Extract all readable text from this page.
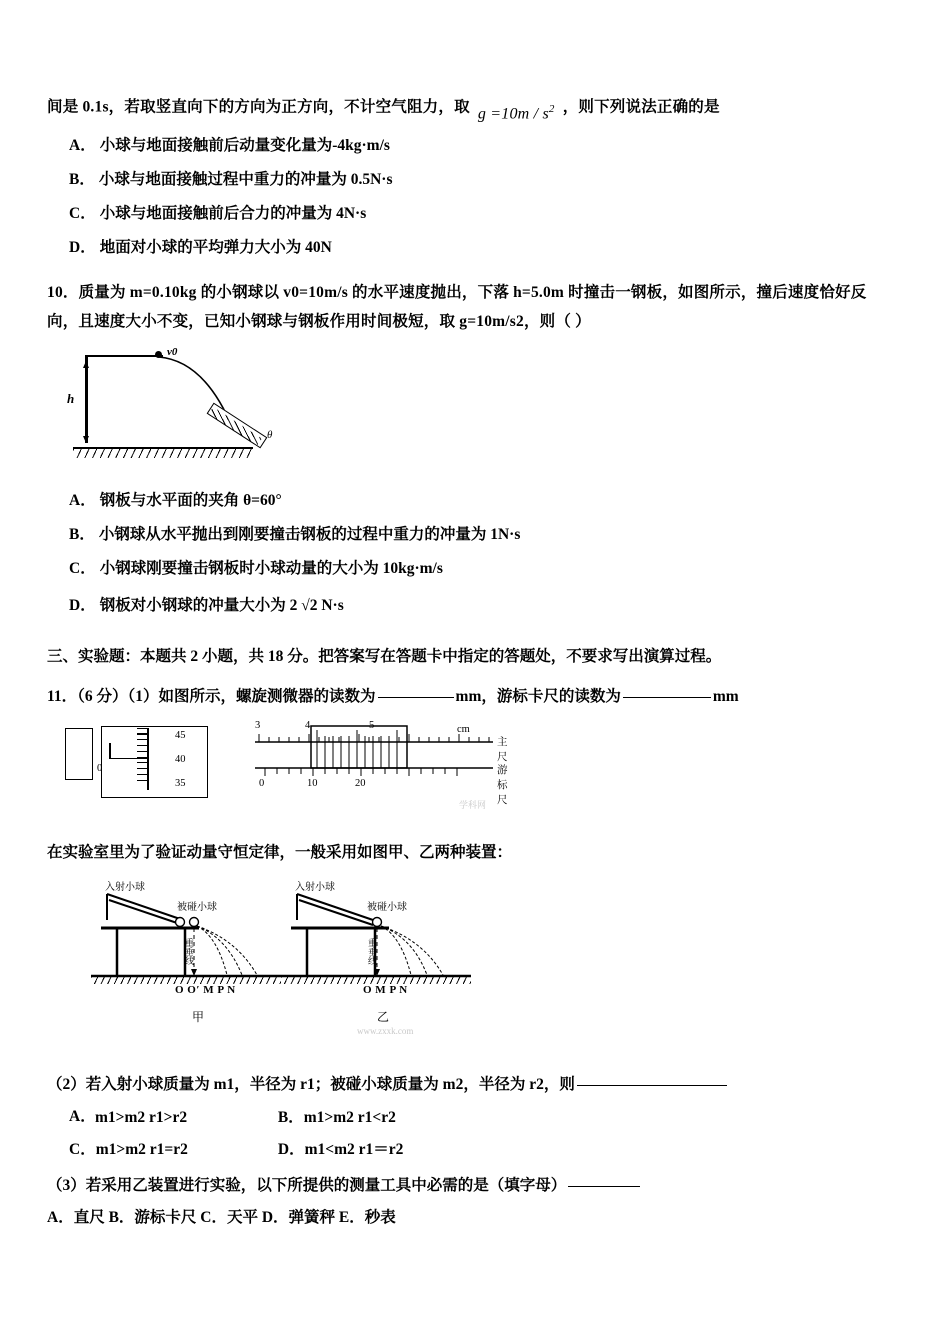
间是 0.1s，若取竖直向下的方向为正方向，不计空气阻力，取 $g =10m / s^2$ ，则下列说法正确的是
A． 小球与地面接触前后动量变化量为-4kg·m/s
B． 小球与地面接触过程中重力的冲量为 0.5N·s
C． 小球与地面接触前后合力的冲量为 4N·s
D． 地面对小球的平均弹力大小为 40N
10．质量为 m=0.10kg 的小钢球以 v0=10m/s 的水平速度抛出，下落 h=5.0m 时撞击一钢板，如图所示，撞后速度恰好反
向，且速度大小不变，已知小钢球与钢板作用时间极短，取 g=10m/s2，则（ ）
v0
h
θ
A． 钢板与水平面的夹角 θ=60°
B． 小钢球从水平抛出到刚要撞击钢板的过程中重力的冲量为 1N·s
C． 小钢球刚要撞击钢板时小球动量的大小为 10kg·m/s
D． 钢板对小钢球的冲量大小为 2 √2 N·s
三、实验题：本题共 2 小题，共 18 分。把答案写在答题卡中指定的答题处，不要求写出演算过程。
11．（6 分）（1）如图所示，螺旋测微器的读数为	mm，游标卡尺的读数为	mm
0
45
40
35
3	4	5	cm
主尺
游标尺
0	10	20
学科网
在实验室里为了验证动量守恒定律，一般采用如图甲、乙两种装置：
入射小球
被碰小球
重垂线
O O′ M P N
甲
入射小球
被碰小球
重垂线
O M P N
乙
www.zxxk.com
（2）若入射小球质量为 m1，半径为 r1；被碰小球质量为 m2，半径为 r2，则
A． m1>m2 r1>r2	B．m1>m2 r1<r2
C．m1>m2 r1=r2	D．m1<m2 r1＝r2
（3）若采用乙装置进行实验，以下所提供的测量工具中必需的是（填字母）
A．直尺 B．游标卡尺 C．天平 D．弹簧秤 E．秒表
